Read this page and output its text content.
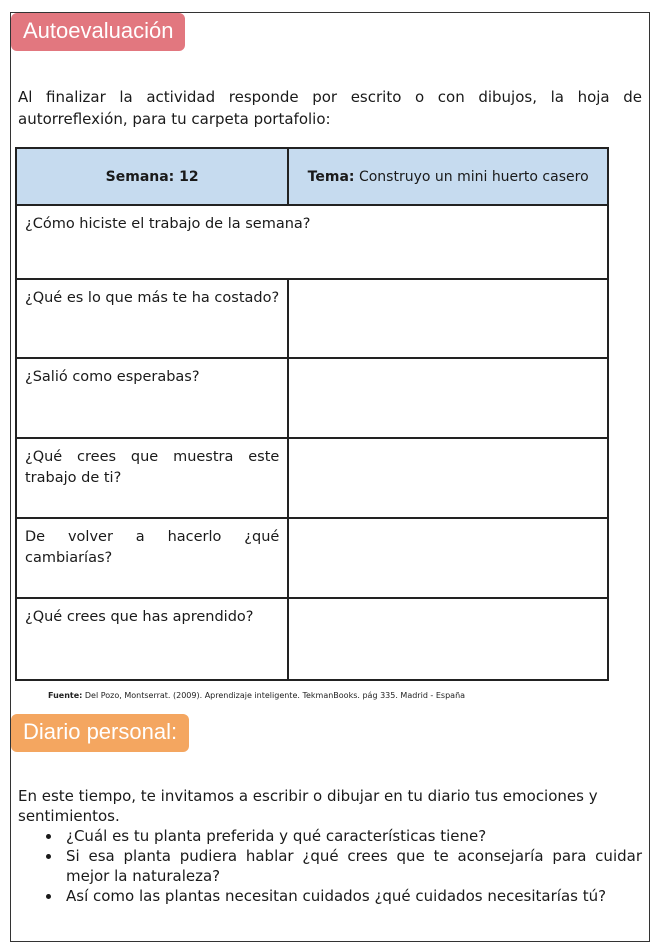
Autoevaluación

Al finalizar la actividad responde por escrito o con dibujos, la hoja de autorreflexión, para tu carpeta portafolio:

Semana: 12	Tema: Construyo un mini huerto casero

¿Cómo hiciste el trabajo de la semana?	

¿Qué es lo que más te ha costado?	

¿Salió como esperabas?	

¿Qué crees que muestra este trabajo de ti?	

De volver a hacerlo ¿qué cambiarías?	

¿Qué crees que has aprendido?	

Fuente: Del Pozo, Montserrat. (2009). Aprendizaje inteligente. TekmanBooks. pág 335. Madrid - España
Diario personal:
En este tiempo, te invitamos a escribir o dibujar en tu diario tus emociones y sentimientos.
• ¿Cuál es tu planta preferida y qué características tiene?
• Si esa planta pudiera hablar ¿qué crees que te aconsejaría para cuidar mejor la naturaleza?
• Así como las plantas necesitan cuidados ¿qué cuidados necesitarías tú?
